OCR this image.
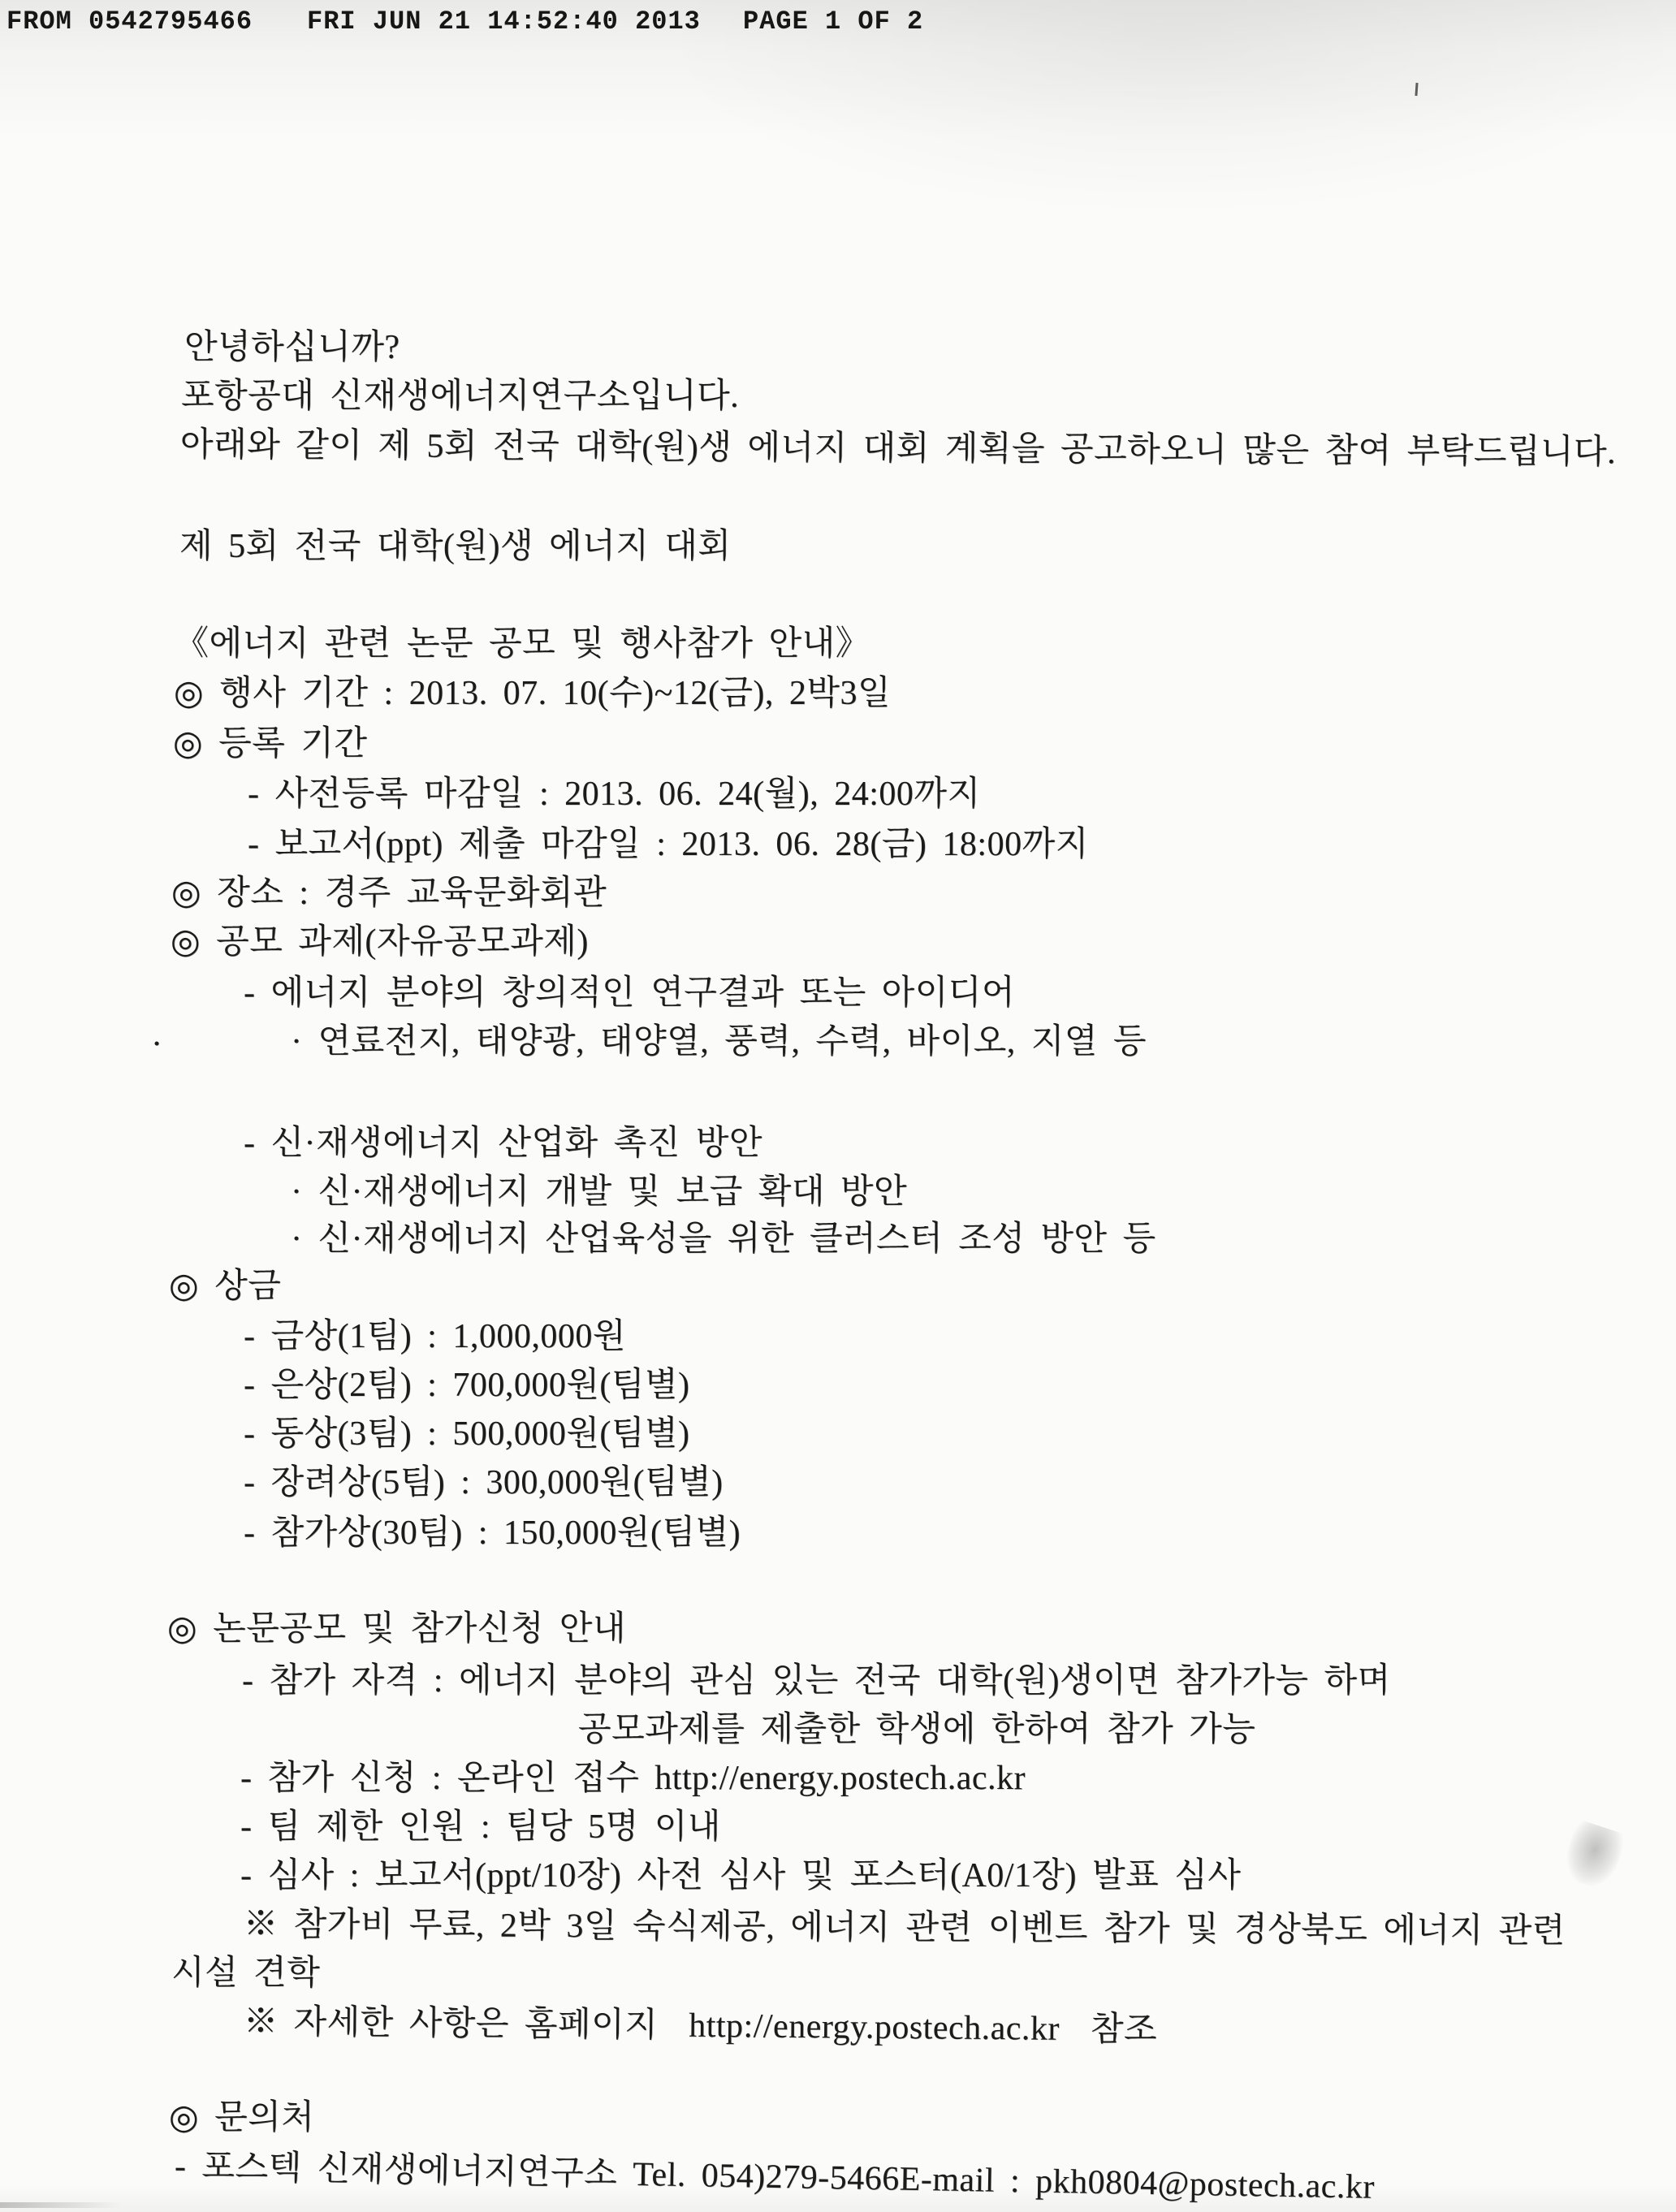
FROM 0542795466

FRI JUN 21 14:52:40 2013

PAGE 1 OF 2

안녕하십니까?
포항공대 신재생에너지연구소입니다.
아래와 같이 제 5회 전국 대학(원)생 에너지 대회 계획을 공고하오니 많은 참여 부탁드립니다.
제 5회 전국 대학(원)생 에너지 대회
《에너지 관련 논문 공모 및 행사참가 안내》
◎ 행사 기간 : 2013. 07. 10(수)~12(금), 2박3일
◎ 등록 기간
- 사전등록 마감일 : 2013. 06. 24(월), 24:00까지
- 보고서(ppt) 제출 마감일 : 2013. 06. 28(금) 18:00까지
◎ 장소 : 경주 교육문화회관
◎ 공모 과제(자유공모과제)
- 에너지 분야의 창의적인 연구결과 또는 아이디어
·	· 연료전지, 태양광, 태양열, 풍력, 수력, 바이오, 지열 등
- 신·재생에너지 산업화 촉진 방안
· 신·재생에너지 개발 및 보급 확대 방안
· 신·재생에너지 산업육성을 위한 클러스터 조성 방안 등
◎ 상금
- 금상(1팀) : 1,000,000원
- 은상(2팀) : 700,000원(팀별)
- 동상(3팀) : 500,000원(팀별)
- 장려상(5팀) : 300,000원(팀별)
- 참가상(30팀) : 150,000원(팀별)
◎ 논문공모 및 참가신청 안내
- 참가 자격 : 에너지 분야의 관심 있는 전국 대학(원)생이면 참가가능 하며
공모과제를 제출한 학생에 한하여 참가 가능
- 참가 신청 : 온라인 접수 http://energy.postech.ac.kr
- 팀 제한 인원 : 팀당 5명 이내
- 심사 : 보고서(ppt/10장) 사전 심사 및 포스터(A0/1장) 발표 심사
※ 참가비 무료, 2박 3일 숙식제공, 에너지 관련 이벤트 참가 및 경상북도 에너지 관련
시설 견학
※ 자세한 사항은 홈페이지  http://energy.postech.ac.kr  참조
◎ 문의처
- 포스텍 신재생에너지연구소 Tel. 054)279-5466E-mail : pkh0804@postech.ac.kr
